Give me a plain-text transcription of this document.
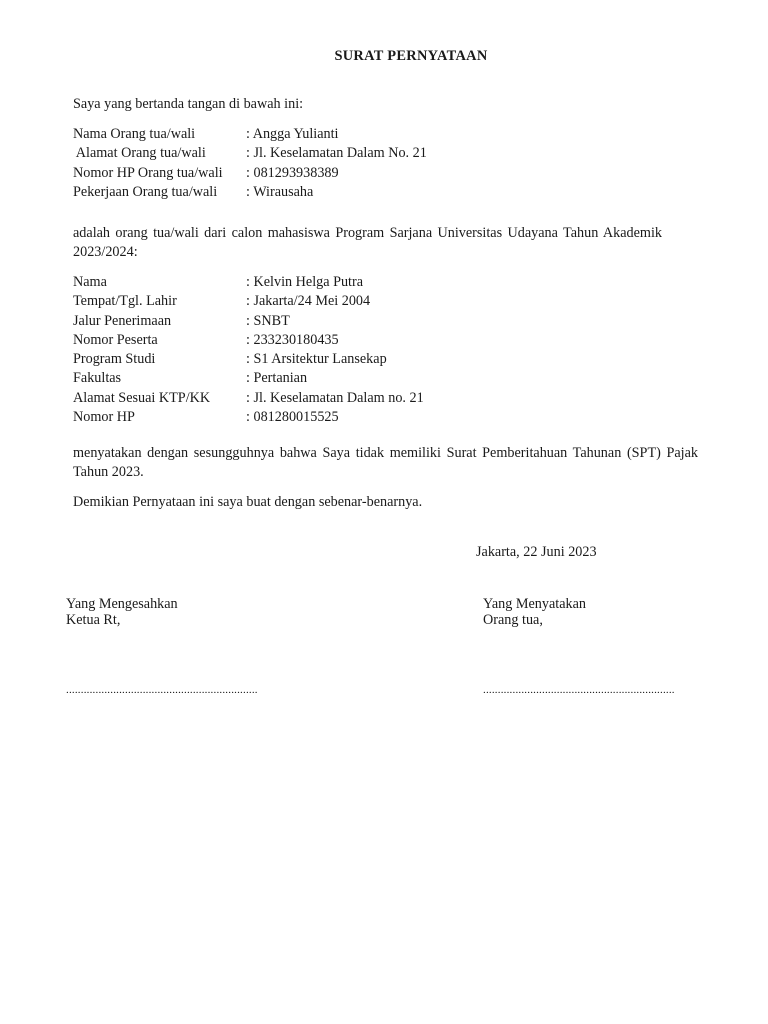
SURAT PERNYATAAN
Saya yang bertanda tangan di bawah ini:
Nama Orang tua/wali	: Angga Yulianti
Alamat Orang tua/wali	: Jl. Keselamatan Dalam No. 21
Nomor HP Orang tua/wali : 081293938389
Pekerjaan Orang tua/wali : Wirausaha
adalah orang tua/wali dari calon mahasiswa Program Sarjana Universitas Udayana Tahun Akademik 2023/2024:
Nama	: Kelvin Helga Putra
Tempat/Tgl. Lahir	: Jakarta/24 Mei 2004
Jalur Penerimaan	: SNBT
Nomor Peserta	: 233230180435
Program Studi	: S1 Arsitektur Lansekap
Fakultas	: Pertanian
Alamat Sesuai KTP/KK	: Jl. Keselamatan Dalam no. 21
Nomor HP	: 081280015525
menyatakan dengan sesungguhnya bahwa Saya tidak memiliki Surat Pemberitahuan Tahunan (SPT) Pajak Tahun 2023.
Demikian Pernyataan ini saya buat dengan sebenar-benarnya.
Jakarta, 22 Juni 2023
Yang Mengesahkan
Ketua Rt,
.................................................................
Yang Menyatakan
Orang tua,
.................................................................
